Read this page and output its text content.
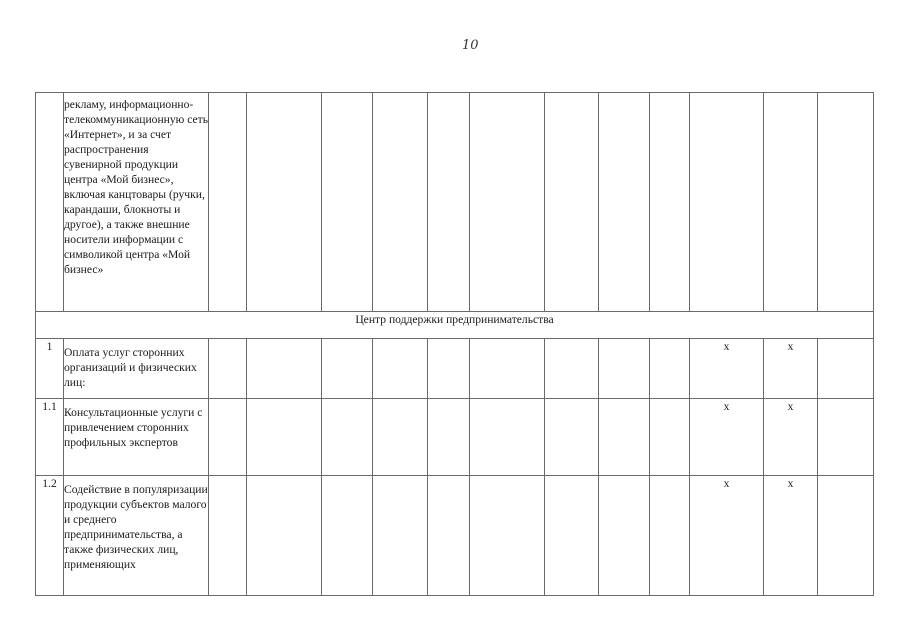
10
	рекламу, информационно-телекоммуникационную сеть «Интернет», и за счет распространения сувенирной продукции центра «Мой бизнес», включая канцтовары (ручки, карандаши, блокноты и другое), а также внешние носители информации с символикой центра «Мой бизнес»												
Центр поддержки предпринимательства													
1	Оплата услуг сторонних организаций и физических лиц:										x	x	
1.1	Консультационные услуги с привлечением сторонних профильных экспертов										x	x	
1.2	Содействие в популяризации продукции субъектов малого и среднего предпринимательства, а также физических лиц, применяющих										x	x	
